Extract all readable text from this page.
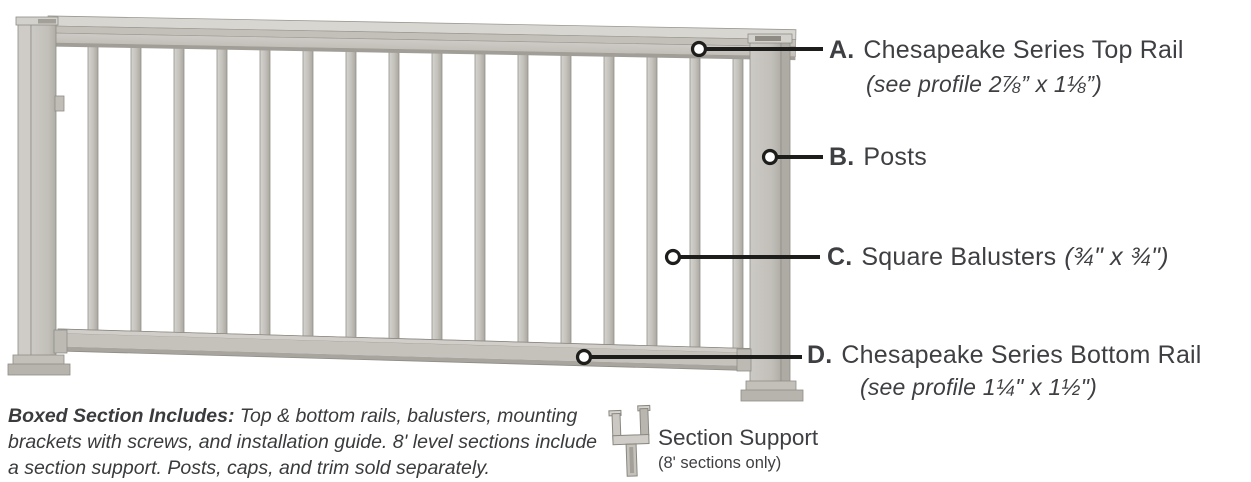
A. Chesapeake Series Top Rail
(see profile 2⅞” x 1⅛”)
B. Posts
C. Square Balusters (¾" x ¾")
D. Chesapeake Series Bottom Rail
(see profile 1¼" x 1½")
Boxed Section Includes: Top & bottom rails, balusters, mounting brackets with screws, and installation guide. 8' level sections include a section support. Posts, caps, and trim sold separately.
Section Support
(8' sections only)
